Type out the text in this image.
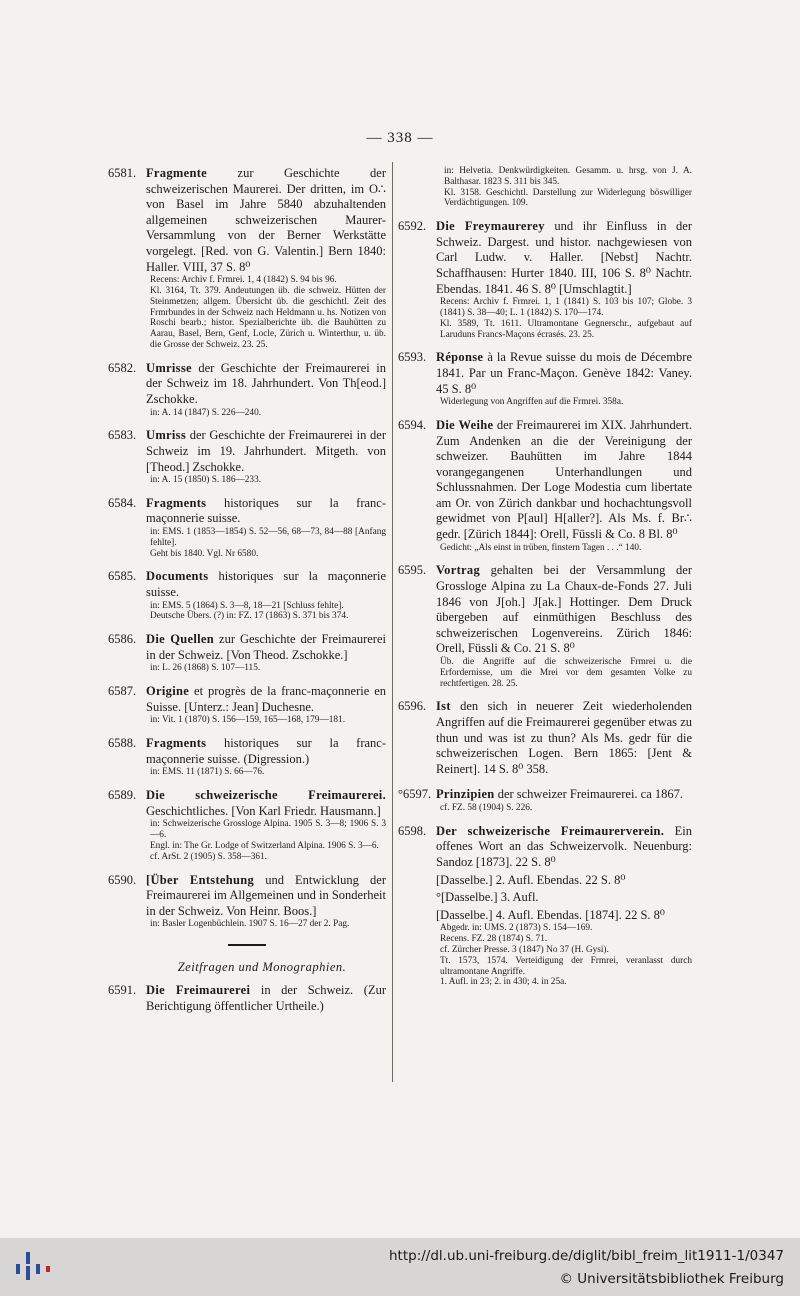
— 338 —
6581. Fragmente zur Geschichte der schweizerischen Maurerei. Der dritten, im O∴ von Basel im Jahre 5840 abzuhaltenden allgemeinen schweizerischen Maurer-Versammlung von der Berner Werkstätte vorgelegt. [Red. von G. Valentin.] Bern 1840: Haller. VIII, 37 S. 8⁰
Recens: Archiv f. Frmrei. 1, 4 (1842) S. 94 bis 96.
Kl. 3164, Tt. 379. Andeutungen üb. die schweiz. Hütten der Steinmetzen; allgem. Übersicht üb. die geschichtl. Zeit des Frmrbundes in der Schweiz nach Heldmann u. hs. Notizen von Roschi bearb.; histor. Spezialberichte üb. die Bauhütten zu Aarau, Basel, Bern, Genf, Locle, Zürich u. Winterthur, u. üb. die Grosse der Schweiz. 23. 25.
6582. Umrisse der Geschichte der Freimaurerei in der Schweiz im 18. Jahrhundert. Von Th[eod.] Zschokke.
in: A. 14 (1847) S. 226—240.
6583. Umriss der Geschichte der Freimaurerei in der Schweiz im 19. Jahrhundert. Mitgeth. von [Theod.] Zschokke.
in: A. 15 (1850) S. 186—233.
6584. Fragments historiques sur la franc-maçonnerie suisse.
in: EMS. 1 (1853—1854) S. 52—56, 68—73, 84—88 [Anfang fehlte].
Geht bis 1840. Vgl. Nr 6580.
6585. Documents historiques sur la maçonnerie suisse.
in: EMS. 5 (1864) S. 3—8, 18—21 [Schluss fehlte].
Deutsche Übers. (?) in: FZ. 17 (1863) S. 371 bis 374.
6586. Die Quellen zur Geschichte der Freimaurerei in der Schweiz. [Von Theod. Zschokke.]
in: L. 26 (1868) S. 107—115.
6587. Origine et progrès de la franc-maçonnerie en Suisse. [Unterz.: Jean] Duchesne.
in: Vit. 1 (1870) S. 156—159, 165—168, 179—181.
6588. Fragments historiques sur la franc-maçonnerie suisse. (Digression.)
in: EMS. 11 (1871) S. 66—76.
6589. Die schweizerische Freimaurerei. Geschichtliches. [Von Karl Friedr. Hausmann.]
in: Schweizerische Grossloge Alpina. 1905 S. 3—8; 1906 S. 3—6.
Engl. in: The Gr. Lodge of Switzerland Alpina. 1906 S. 3—6.
cf. ArSt. 2 (1905) S. 358—361.
6590. [Über Entstehung und Entwicklung der Freimaurerei im Allgemeinen und in Sonderheit in der Schweiz. Von Heinr. Boos.]
in: Basler Logenbüchlein. 1907 S. 16—27 der 2. Pag.
Zeitfragen und Monographien.
6591. Die Freimaurerei in der Schweiz. (Zur Berichtigung öffentlicher Urtheile.)
in: Helvetia. Denkwürdigkeiten. Gesamm. u. hrsg. von J. A. Balthasar. 1823 S. 311 bis 345.
Kl. 3158. Geschichtl. Darstellung zur Widerlegung böswilliger Verdächtigungen. 109.
6592. Die Freymaurerey und ihr Einfluss in der Schweiz. Dargest. und histor. nachgewiesen von Carl Ludw. v. Haller. [Nebst] Nachtr. Schaffhausen: Hurter 1840. III, 106 S. 8⁰ Nachtr. Ebendas. 1841. 46 S. 8⁰ [Umschlagtit.]
Recens: Archiv f. Frmrei. 1, 1 (1841) S. 103 bis 107; Globe. 3 (1841) S. 38—40; L. 1 (1842) S. 170—174.
Kl. 3589, Tt. 1611. Ultramontane Gegnerschr., aufgebaut auf Laruduns Francs-Maçons écrasés. 23. 25.
6593. Réponse à la Revue suisse du mois de Décembre 1841. Par un Franc-Maçon. Genève 1842: Vaney. 45 S. 8⁰
Widerlegung von Angriffen auf die Frmrei. 358a.
6594. Die Weihe der Freimaurerei im XIX. Jahrhundert. Zum Andenken an die der Vereinigung der schweizer. Bauhütten im Jahre 1844 vorangegangenen Unterhandlungen und Schlussnahmen. Der Loge Modestia cum libertate am Or. von Zürich dankbar und hochachtungsvoll gewidmet von P[aul] H[aller?]. Als Ms. f. Br∴ gedr. [Zürich 1844]: Orell, Füssli & Co. 8 Bl. 8⁰
Gedicht: „Als einst in trüben, finstern Tagen . . .“ 140.
6595. Vortrag gehalten bei der Versammlung der Grossloge Alpina zu La Chaux-de-Fonds 27. Juli 1846 von J[oh.] J[ak.] Hottinger. Dem Druck übergeben auf einmüthigen Beschluss des schweizerischen Logenvereins. Zürich 1846: Orell, Füssli & Co. 21 S. 8⁰
Üb. die Angriffe auf die schweizerische Frmrei u. die Erfordernisse, um die Mrei vor dem gesamten Volke zu rechtfertigen. 28. 25.
6596. Ist den sich in neuerer Zeit wiederholenden Angriffen auf die Freimaurerei gegenüber etwas zu thun und was ist zu thun? Als Ms. gedr für die schweizerischen Logen. Bern 1865: [Jent & Reinert]. 14 S. 8⁰ 358.
°6597. Prinzipien der schweizer Freimaurerei. ca 1867.
cf. FZ. 58 (1904) S. 226.
6598. Der schweizerische Freimaurerverein. Ein offenes Wort an das Schweizervolk. Neuenburg: Sandoz [1873]. 22 S. 8⁰
[Dasselbe.] 2. Aufl. Ebendas. 22 S. 8⁰
°[Dasselbe.] 3. Aufl.
[Dasselbe.] 4. Aufl. Ebendas. [1874]. 22 S. 8⁰
Abgedr. in: UMS. 2 (1873) S. 154—169.
Recens. FZ. 28 (1874) S. 71.
cf. Zürcher Presse. 3 (1847) No 37 (H. Gysi).
Tt. 1573, 1574. Verteidigung der Frmrei, veranlasst durch ultramontane Angriffe.
1. Aufl. in 23; 2. in 430; 4. in 25a.
http://dl.ub.uni-freiburg.de/diglit/bibl_freim_lit1911-1/0347
© Universitätsbibliothek Freiburg
